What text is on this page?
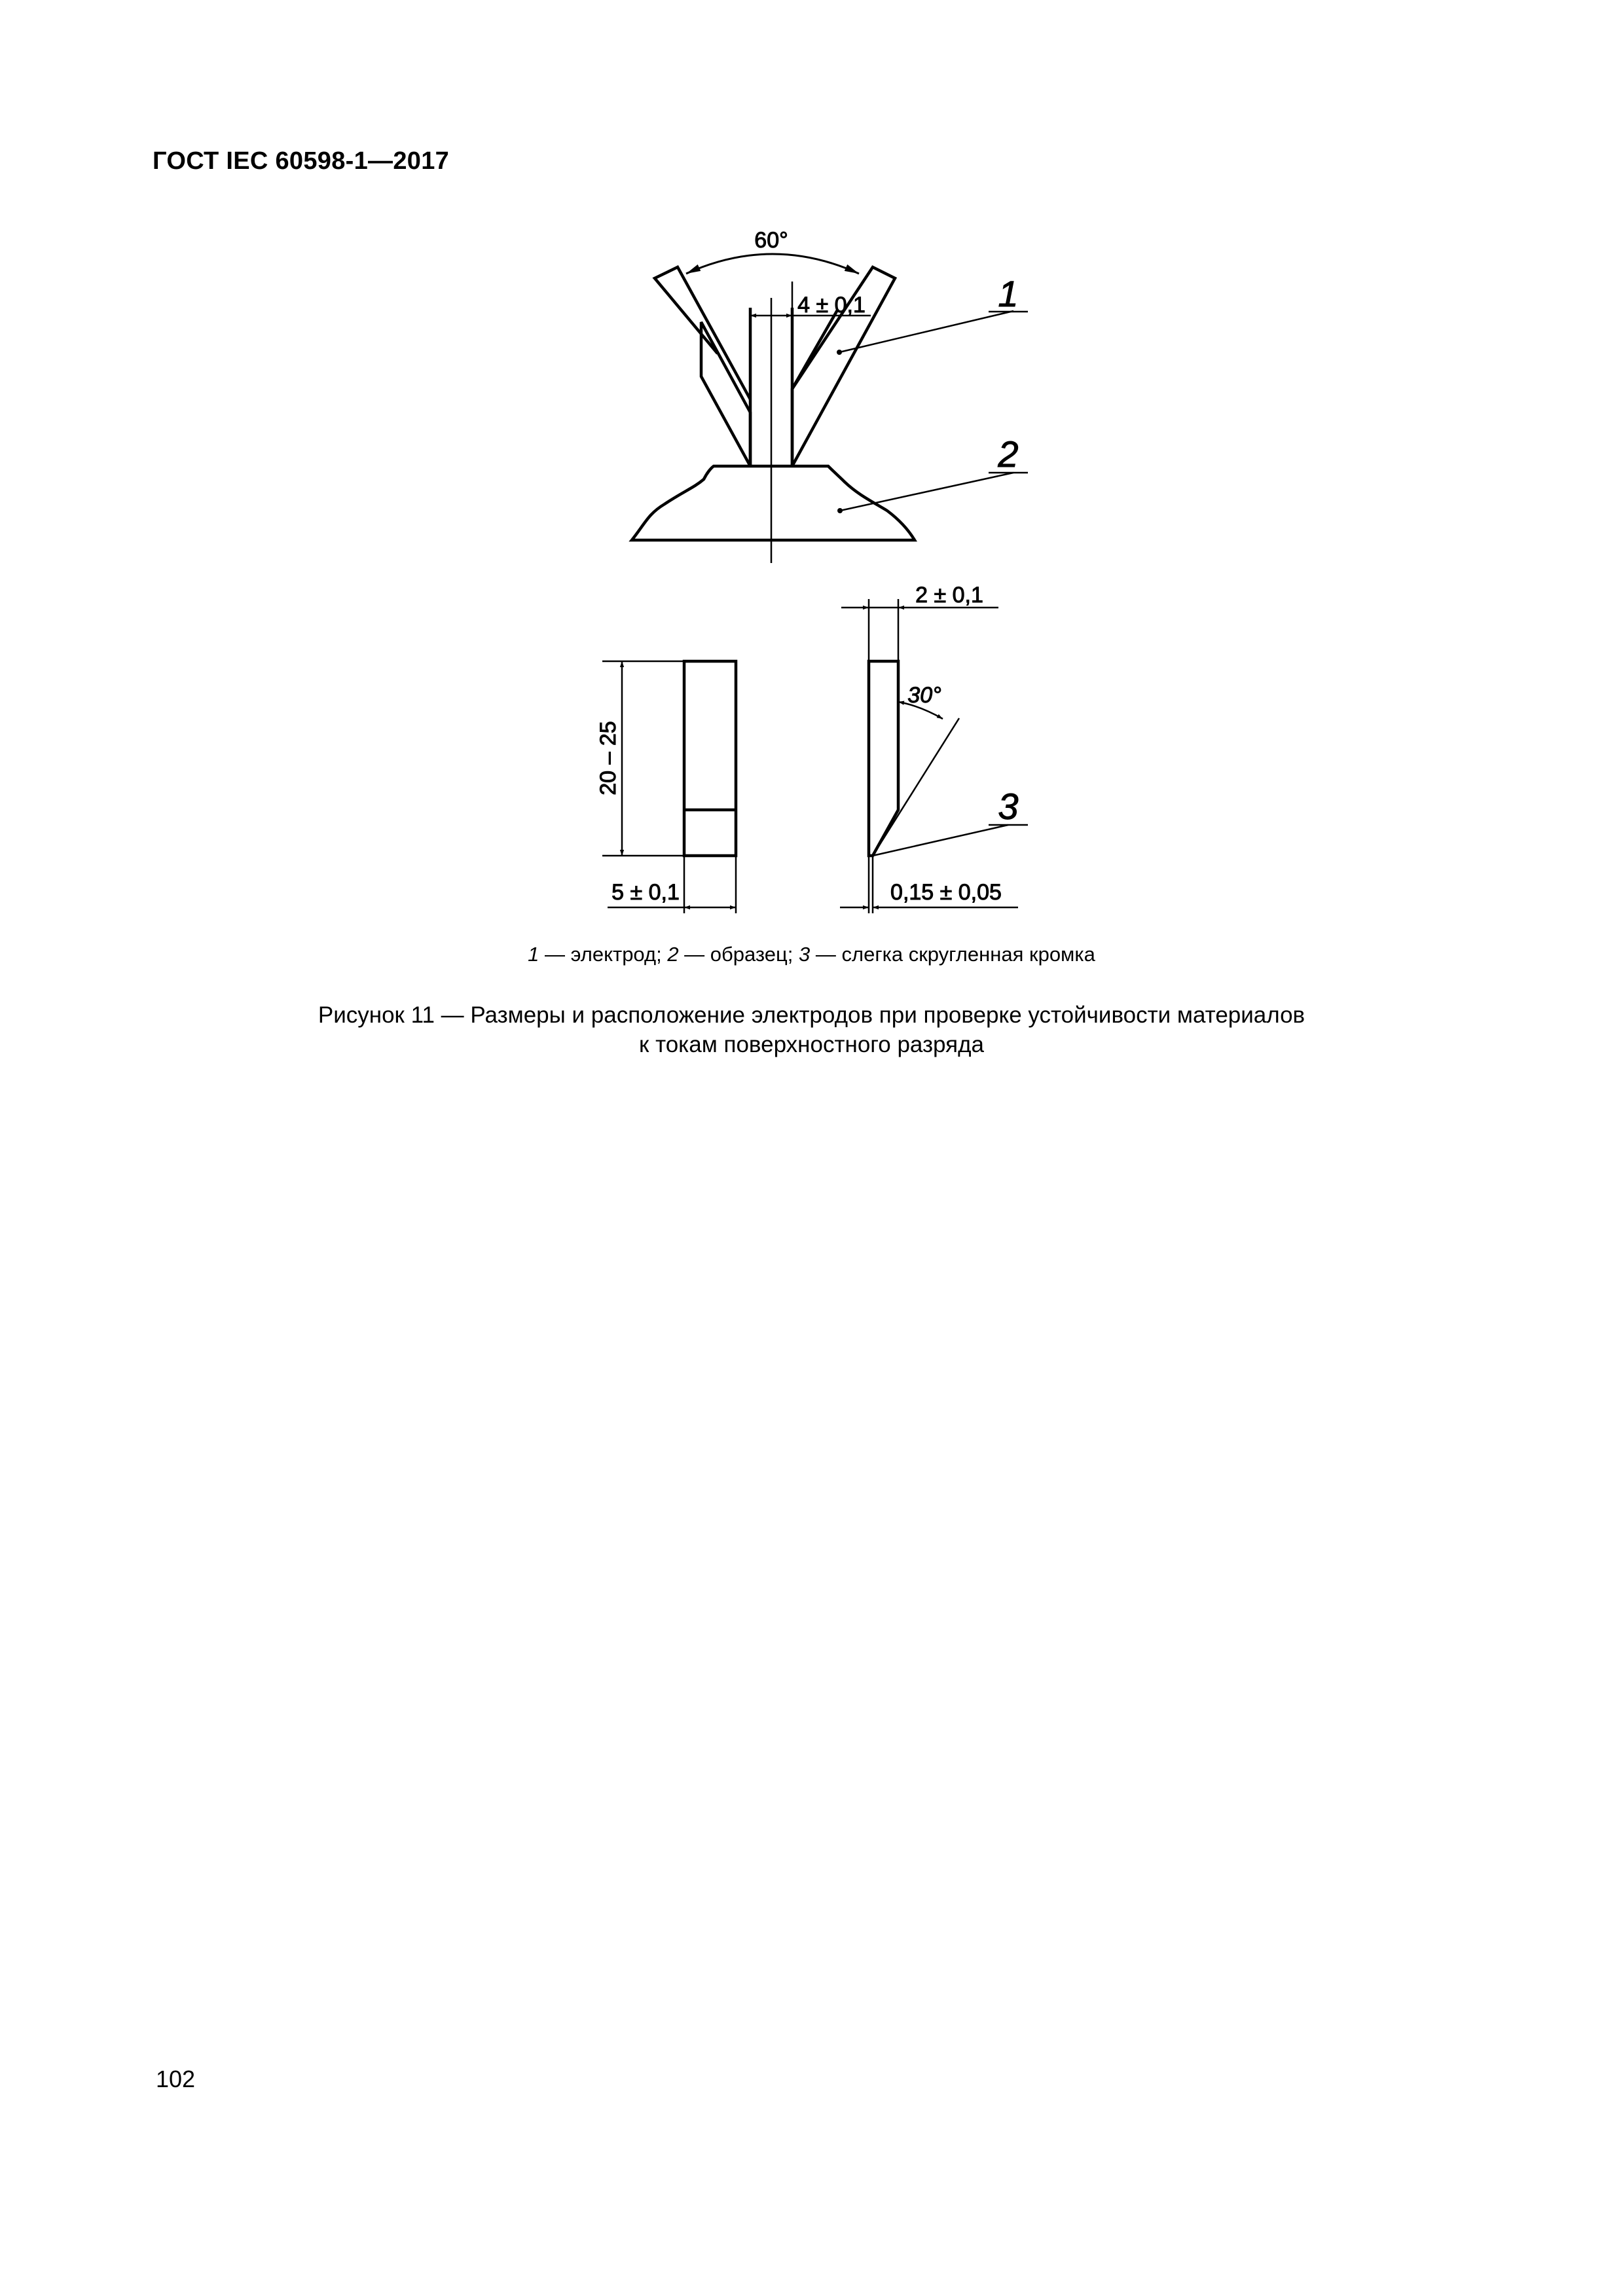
ГОСТ IEC 60598-1—2017
60°
4 ± 0,1	1
2
20 – 25
5 ± 0,1
2 ± 0,1
30°
3
0,15 ± 0,05
1 — электрод; 2 — образец; 3 — слегка скругленная кромка
Рисунок 11 — Размеры и расположение электродов при проверке устойчивости материалов
к токам поверхностного разряда
102
